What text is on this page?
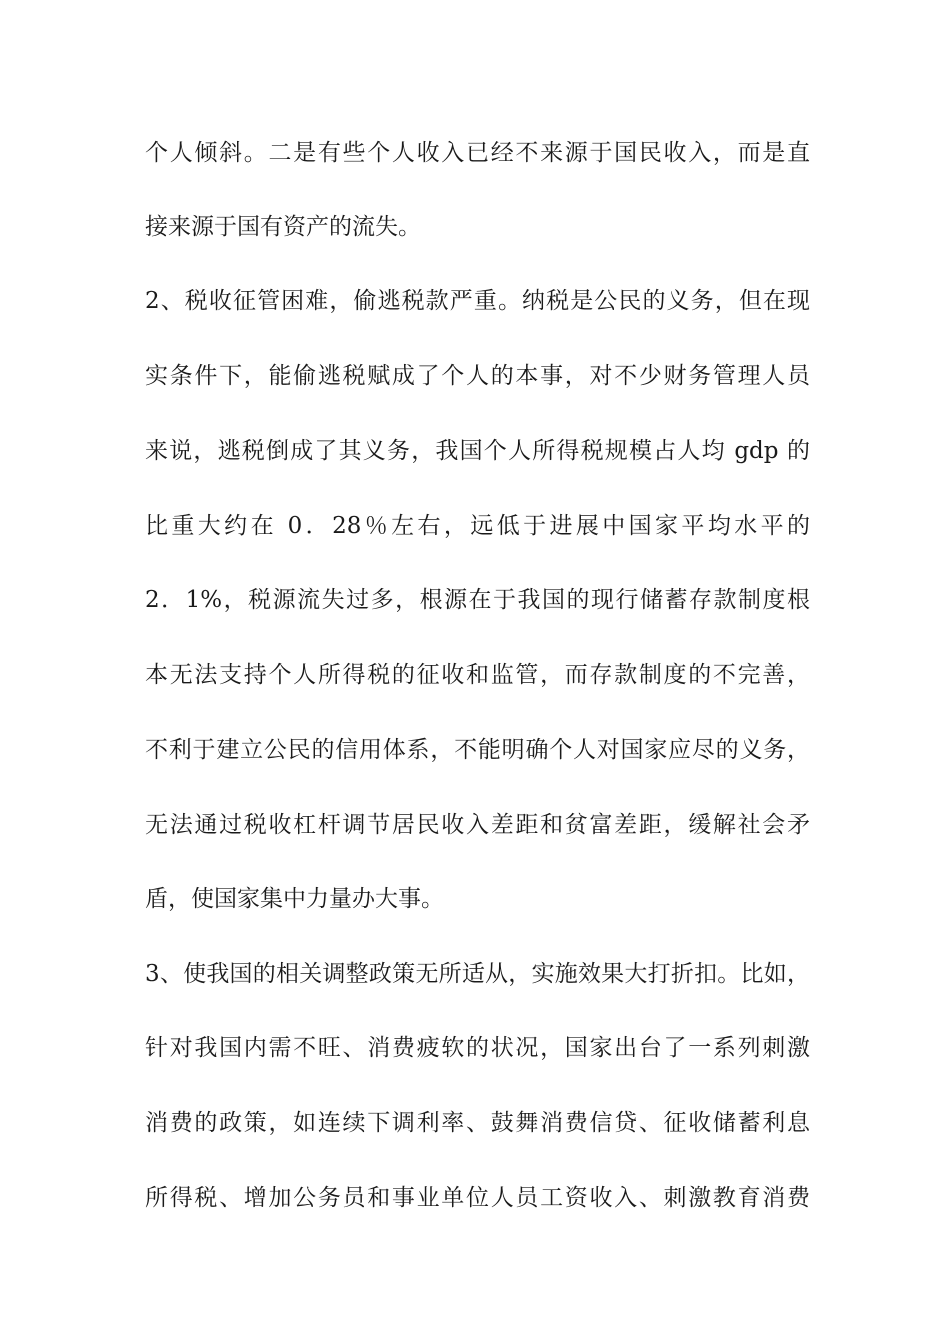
个人倾斜。二是有些个人收入已经不来源于国民收入，而是直
接来源于国有资产的流失。
2、税收征管困难，偷逃税款严重。纳税是公民的义务，但在现
实条件下，能偷逃税赋成了个人的本事，对不少财务管理人员
来说，逃税倒成了其义务，我国个人所得税规模占人均 gdp 的
比重大约在 0．28％左右，远低于进展中国家平均水平的
2．1%，税源流失过多，根源在于我国的现行储蓄存款制度根
本无法支持个人所得税的征收和监管，而存款制度的不完善，
不利于建立公民的信用体系，不能明确个人对国家应尽的义务，
无法通过税收杠杆调节居民收入差距和贫富差距，缓解社会矛
盾，使国家集中力量办大事。
3、使我国的相关调整政策无所适从，实施效果大打折扣。比如，
针对我国内需不旺、消费疲软的状况，国家出台了一系列刺激
消费的政策，如连续下调利率、鼓舞消费信贷、征收储蓄利息
所得税、增加公务员和事业单位人员工资收入、刺激教育消费
